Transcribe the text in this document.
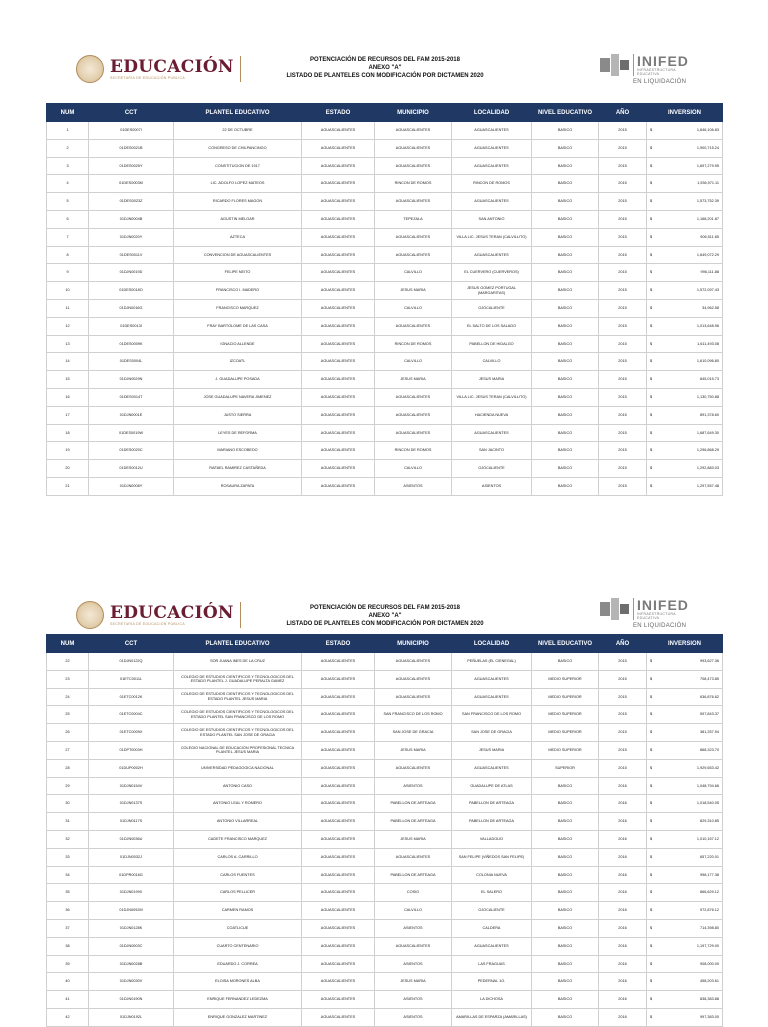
EDUCACIÓN
SECRETARÍA DE EDUCACIÓN PÚBLICA
POTENCIACIÓN DE RECURSOS DEL FAM 2015-2018
ANEXO "A"
LISTADO DE PLANTELES CON MODIFICACIÓN POR DICTAMEN 2020
INIFED
INFRAESTRUCTURA
EDUCATIVA
EN LIQUIDACIÓN
NUM	CCT	PLANTEL EDUCATIVO	ESTADO	MUNICIPIO	LOCALIDAD	NIVEL EDUCATIVO	AÑO	INVERSION
1	01DES0007I	22 DE OCTUBRE	AGUASCALIENTES	AGUASCALIENTES	AGUASCALIENTES	BASICO	2015	$ 1,646,106.83

2	01DES0021B	CONGRESO DE CHILPANCINGO	AGUASCALIENTES	AGUASCALIENTES	AGUASCALIENTES	BASICO	2015	$ 1,900,715.24

3	01DES0025Y	CONSTITUCION DE 1917	AGUASCALIENTES	AGUASCALIENTES	AGUASCALIENTES	BASICO	2015	$ 1,697,279.95

4	01DES0003M	LIC. ADOLFO LOPEZ MATEOS	AGUASCALIENTES	RINCON DE ROMOS	RINCON DE ROMOS	BASICO	2015	$ 1,936,971.11

5	01DES0023Z	RICARDO FLORES MAGON	AGUASCALIENTES	AGUASCALIENTES	AGUASCALIENTES	BASICO	2015	$ 1,573,752.39

6	01DJN0004B	AGUSTIN MELGAR	AGUASCALIENTES	TEPEZALA	SAN ANTONIO	BASICO	2015	$ 1,168,201.87

7	01DJN0020Y	AZTECA	AGUASCALIENTES	AGUASCALIENTES	VILLA LIC. JESUS TERAN (CALVILLITO)	BASICO	2015	$ 906,511.65

8	01DES0011V	CONVENCION DE AGUASCALIENTES	AGUASCALIENTES	AGUASCALIENTES	AGUASCALIENTES	BASICO	2015	$ 1,649,072.29

9	01DJN0019D	FELIPE NEITO	AGUASCALIENTES	CALVILLO	EL CUERVERO (CUERVEROS)	BASICO	2015	$ 996,111.88

10	01DES0018O	FRANCISCO I. MADERO	AGUASCALIENTES	JESUS MARIA	JESUS GOMEZ PORTUGAL (MARGARITAS)	BASICO	2015	$ 1,572,097.43

11	01DJN0016G	FRANCISCO MARQUEZ	AGUASCALIENTES	CALVILLO	OJOCALIENTE	BASICO	2015	$ 34,962.58

12	01DES0013I	FRAY BARTOLOME DE LAS CASA	AGUASCALIENTES	AGUASCALIENTES	EL SALTO DE LOS SALADO	BASICO	2015	$ 1,013,648.96

13	01DES0009K	IGNACIO ALLENDE	AGUASCALIENTES	RINCON DE ROMOS	PABELLON DE HIDALGO	BASICO	2015	$ 1,611,493.08

14	01DES0004L	IZCOATL	AGUASCALIENTES	CALVILLO	CALVILLO	BASICO	2015	$ 1,610,096.80

15	01DJN0029N	J. GUADALUPE POSADA	AGUASCALIENTES	JESUS MARIA	JESUS MARIA	BASICO	2015	$ 845,015.73

16	01DES0014T	JOSE GUADALUPE NAVERA JIMENEZ	AGUASCALIENTES	AGUASCALIENTES	VILLA LIC. JESUS TERAN (CALVILLITO)	BASICO	2015	$ 1,130,750.88

17	01DJN0001E	JUSTO SIERRA	AGUASCALIENTES	AGUASCALIENTES	HACIENDA NUEVA	BASICO	2015	$ 891,378.60

18	01DES0019W	LEYES DE REFORMA	AGUASCALIENTES	AGUASCALIENTES	AGUASCALIENTES	BASICO	2015	$ 1,687,649.30

19	01DES0020C	MARIANO ESCOBEDO	AGUASCALIENTES	RINCON DE ROMOS	SAN JACINTO	BASICO	2015	$ 1,296,868.29

20	01DES0012U	RAFAEL RAMIREZ CASTAÑEDA	AGUASCALIENTES	CALVILLO	OJOCALIENTE	BASICO	2015	$ 1,292,883.03

21	01DJN0008Y	ROSAURA ZAPATA	AGUASCALIENTES	ASIENTOS	ASIENTOS	BASICO	2015	$ 1,297,557.48
EDUCACIÓN
SECRETARÍA DE EDUCACIÓN PÚBLICA
POTENCIACIÓN DE RECURSOS DEL FAM 2015-2018
ANEXO "A"
LISTADO DE PLANTELES CON MODIFICACIÓN POR DICTAMEN 2020
INIFED
INFRAESTRUCTURA
EDUCATIVA
EN LIQUIDACIÓN
NUM	CCT	PLANTEL EDUCATIVO	ESTADO	MUNICIPIO	LOCALIDAD	NIVEL EDUCATIVO	AÑO	INVERSION
22	01DJN0122Q	SOR JUANA INES DE LA CRUZ	AGUASCALIENTES	AGUASCALIENTES	PEÑUELAS (EL CIENEGAL)	BASICO	2015	$ 993,627.36

23	01ETC0011L	COLEGIO DE ESTUDIOS CIENTIFICOS Y TECNOLOGICOS DEL ESTADO PLANTEL J. GUADALUPE PERALTA GAMEZ	AGUASCALIENTES	AGUASCALIENTES	AGUASCALIENTES	MEDIO SUPERIOR	2015	$ 708,473.85

24	01ETC0012K	COLEGIO DE ESTUDIOS CIENTIFICOS Y TECNOLOGICOS DEL ESTADO PLANTEL JESUS MARIA	AGUASCALIENTES	AGUASCALIENTES	AGUASCALIENTES	MEDIO SUPERIOR	2015	$ 636,876.62

25	01ETC0004C	COLEGIO DE ESTUDIOS CIENTIFICOS Y TECNOLOGICOS DEL ESTADO PLANTEL SAN FRANCISCO DE LOS ROMO	AGUASCALIENTES	SAN FRANCISCO DE LOS ROMO	SAN FRANCISCO DE LOS ROMO	MEDIO SUPERIOR	2015	$ 597,843.37

26	01ETC0009X	COLEGIO DE ESTUDIOS CIENTIFICOS Y TECNOLOGICOS DEL ESTADO PLANTEL SAN JOSE DE GRACIA	AGUASCALIENTES	SAN JOSE DE GRACIA	SAN JOSE DE GRACIA	MEDIO SUPERIOR	2015	$ 381,257.94

27	01DPT0003H	COLEGIO NACIONAL DE EDUCACION PROFESIONAL TECNICA PLANTEL JESUS MARIA	AGUASCALIENTES	JESUS MARIA	JESUS MARIA	MEDIO SUPERIOR	2015	$ 868,323.70

28	01DUP0002H	UNIVERSIDAD PEDAGOGICA NACIONAL	AGUASCALIENTES	AGUASCALIENTES	AGUASCALIENTES	SUPERIOR	2015	$ 1,929,653.42

29	01DJN0154V	ANTONIO CASO	AGUASCALIENTES	ASIENTOS	GUADALUPE DE ATLAS	BASICO	2016	$ 1,048,794.66

30	01DJN0137S	ANTONIO LEAL Y ROMERO	AGUASCALIENTES	PABELLON DE ARTEAGA	PABELLON DE ARTEAGA	BASICO	2016	$ 1,018,540.05

31	01DJN0117S	ANTONIO VILLARREAL	AGUASCALIENTES	PABELLON DE ARTEAGA	PABELLON DE ARTEAGA	BASICO	2016	$ 829,310.85

32	01DJN0036U	CADETE FRANCISCO MARQUEZ	AGUASCALIENTES	JESUS MARIA	VALLADOLID	BASICO	2016	$ 1,010,157.12

33	01DJN0032J	CARLOS A. CARRILLO	AGUASCALIENTES	AGUASCALIENTES	SAN FELIPE (VIÑEDOS SAN FELIPE)	BASICO	2016	$ 657,220.01

34	01DPR0016G	CARLOS FUENTES	AGUASCALIENTES	PABELLON DE ARTEAGA	COLONIA NUEVA	BASICO	2016	$ 998,177.38

35	01DJN0199X	CARLOS PELLICER	AGUASCALIENTES	COSIO	EL SALERO	BASICO	2016	$ 866,629.12

36	01DJN0092M	CARMEN RAMOS	AGUASCALIENTES	CALVILLO	OJOCALIENTE	BASICO	2016	$ 972,876.12

37	01DJN0128K	COATLICUE	AGUASCALIENTES	ASIENTOS	CALDERA	BASICO	2016	$ 714,398.80

38	01DJN0003C	CUARTO CENTENARIO	AGUASCALIENTES	AGUASCALIENTES	AGUASCALIENTES	BASICO	2016	$ 1,197,729.00

39	01DJN0028B	EDUARDO J. CORREA	AGUASCALIENTES	ASIENTOS	LAS FRAGUAS	BASICO	2016	$ 908,000.00

40	01DJN0030V	ELOISA MORONES ALBA	AGUASCALIENTES	JESUS MARIA	PEDERNAL 1O.	BASICO	2016	$ 458,203.61

41	01DJN0190N	ENRIQUE FERNANDEZ LEDEZMA	AGUASCALIENTES	ASIENTOS	LA DICHOSA	BASICO	2016	$ 838,383.88

42	01DJN0192L	ENRIQUE GONZALEZ MARTINEZ	AGUASCALIENTES	ASIENTOS	AMARILLAS DE ESPARZA (AMARILLAS)	BASICO	2016	$ 997,383.00
